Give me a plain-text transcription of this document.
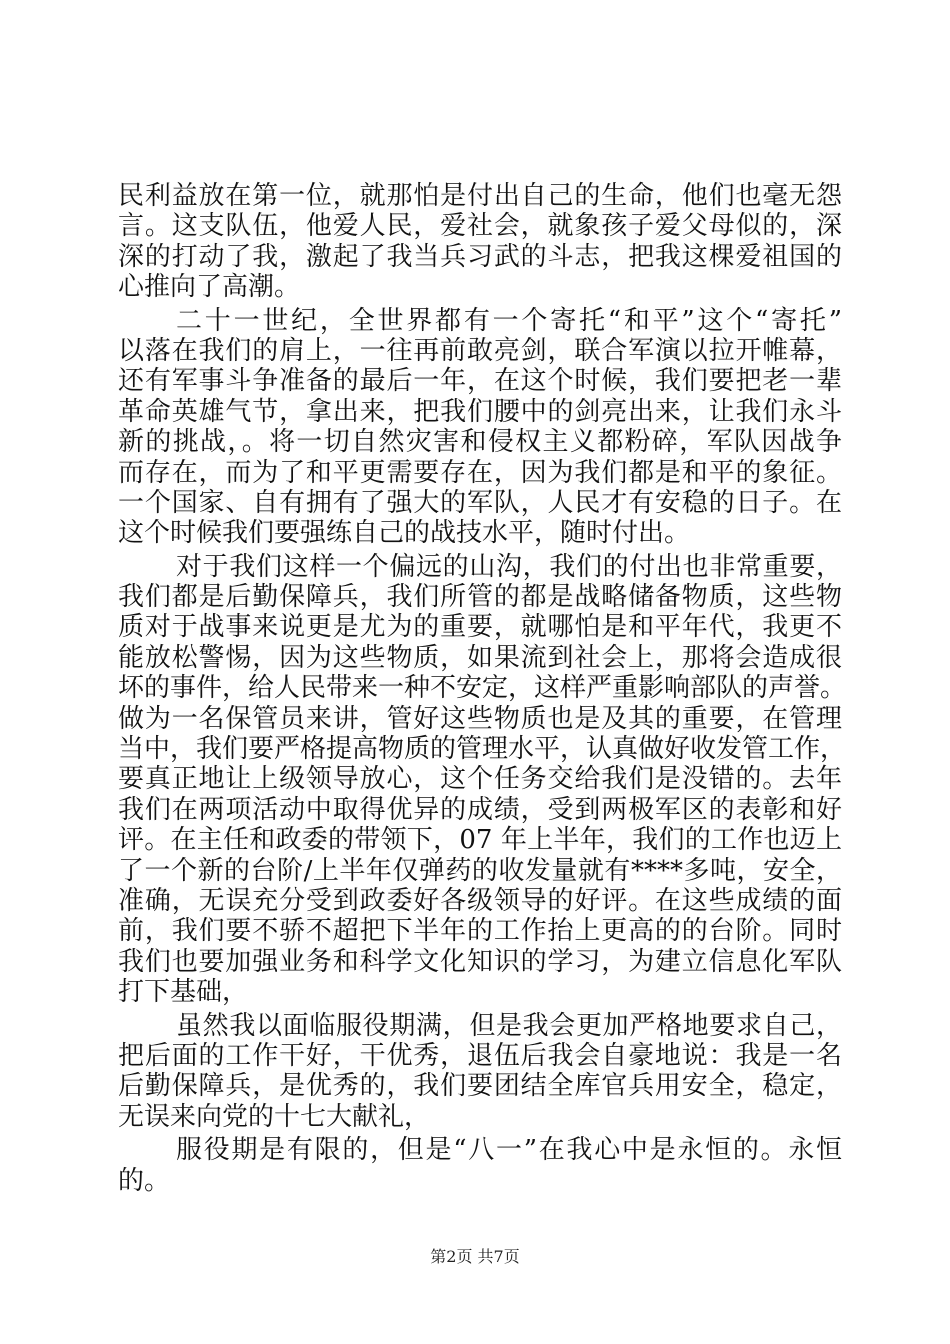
民利益放在第一位，就那怕是付出自己的生命，他们也毫无怨
言。这支队伍，他爱人民，爱社会，就象孩子爱父母似的，深
深的打动了我，激起了我当兵习武的斗志，把我这棵爱祖国的
心推向了高潮。
二十一世纪，全世界都有一个寄托“和平”这个“寄托”
以落在我们的肩上，一往再前敢亮剑，联合军演以拉开帷幕，
还有军事斗争准备的最后一年，在这个时候，我们要把老一辈
革命英雄气节，拿出来，把我们腰中的剑亮出来，让我们永斗
新的挑战，。将一切自然灾害和侵权主义都粉碎，军队因战争
而存在，而为了和平更需要存在，因为我们都是和平的象征。
一个国家、自有拥有了强大的军队，人民才有安稳的日子。在
这个时候我们要强练自己的战技水平，随时付出。
对于我们这样一个偏远的山沟，我们的付出也非常重要，
我们都是后勤保障兵，我们所管的都是战略储备物质，这些物
质对于战事来说更是尤为的重要，就哪怕是和平年代，我更不
能放松警惕，因为这些物质，如果流到社会上，那将会造成很
坏的事件，给人民带来一种不安定，这样严重影响部队的声誉。
做为一名保管员来讲，管好这些物质也是及其的重要，在管理
当中，我们要严格提高物质的管理水平，认真做好收发管工作，
要真正地让上级领导放心，这个任务交给我们是没错的。去年
我们在两项活动中取得优异的成绩，受到两极军区的表彰和好
评。在主任和政委的带领下，07 年上半年，我们的工作也迈上
了一个新的台阶/上半年仅弹药的收发量就有****多吨，安全，
准确，无误充分受到政委好各级领导的好评。在这些成绩的面
前，我们要不骄不超把下半年的工作抬上更高的的台阶。同时
我们也要加强业务和科学文化知识的学习，为建立信息化军队
打下基础，
虽然我以面临服役期满，但是我会更加严格地要求自己，
把后面的工作干好，干优秀，退伍后我会自豪地说：我是一名
后勤保障兵，是优秀的，我们要团结全库官兵用安全，稳定，
无误来向党的十七大献礼，
服役期是有限的，但是“八一”在我心中是永恒的。永恒
的。
第2页 共7页
